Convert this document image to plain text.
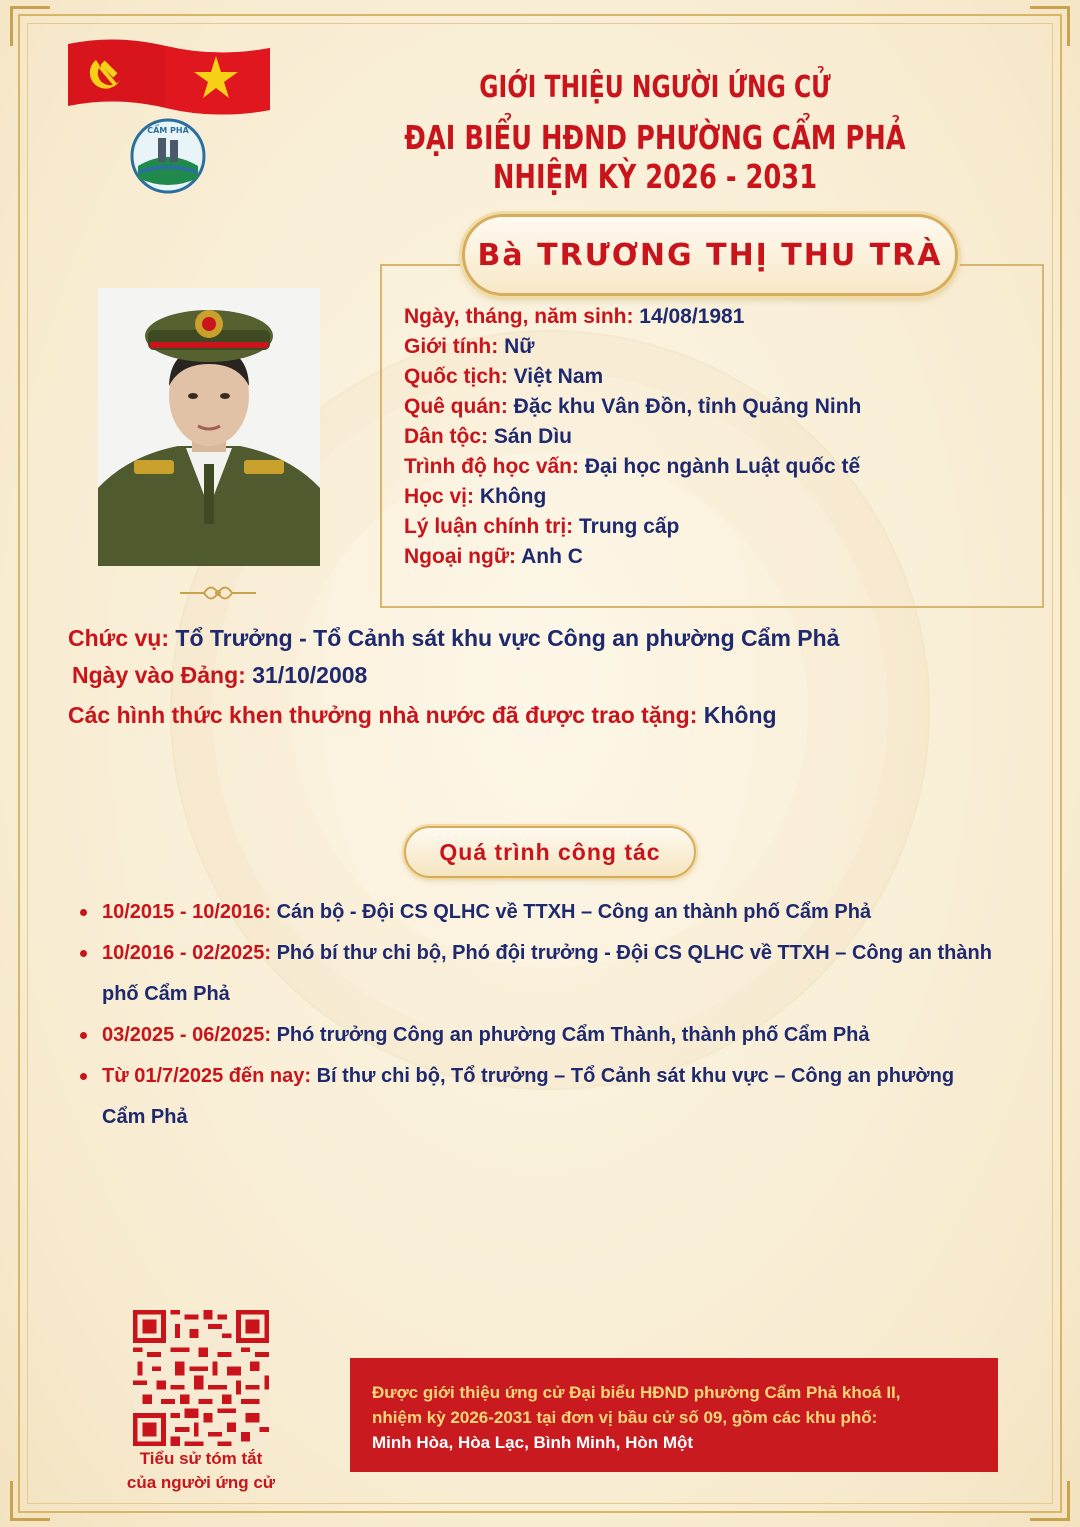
CẨM PHẢ
GIỚI THIỆU NGƯỜI ỨNG CỬ
ĐẠI BIỂU HĐND PHƯỜNG CẨM PHẢ NHIỆM KỲ 2026 - 2031
Bà TRƯƠNG THỊ THU TRÀ
Ngày, tháng, năm sinh: 14/08/1981
Giới tính: Nữ
Quốc tịch: Việt Nam
Quê quán: Đặc khu Vân Đồn, tỉnh Quảng Ninh
Dân tộc: Sán Dìu
Trình độ học vấn: Đại học ngành Luật quốc tế
Học vị: Không
Lý luận chính trị: Trung cấp
Ngoại ngữ: Anh C
Chức vụ: Tổ Trưởng - Tổ Cảnh sát khu vực Công an phường Cẩm Phả
Ngày vào Đảng: 31/10/2008
Các hình thức khen thưởng nhà nước đã được trao tặng: Không
Quá trình công tác
10/2015 - 10/2016: Cán bộ - Đội CS QLHC về TTXH – Công an thành phố Cẩm Phả
10/2016 - 02/2025: Phó bí thư chi bộ, Phó đội trưởng - Đội CS QLHC về TTXH – Công an thành
phố Cẩm Phả
03/2025 - 06/2025: Phó trưởng Công an phường Cẩm Thành, thành phố Cẩm Phả
Từ 01/7/2025 đến nay: Bí thư chi bộ, Tổ trưởng – Tổ Cảnh sát khu vực – Công an phường
Cẩm Phả
Tiểu sử tóm tắt
của người ứng cử
Được giới thiệu ứng cử Đại biểu HĐND phường Cẩm Phả khoá II,
nhiệm kỳ 2026-2031 tại đơn vị bầu cử số 09, gồm các khu phố:
Minh Hòa, Hòa Lạc, Bình Minh, Hòn Một
